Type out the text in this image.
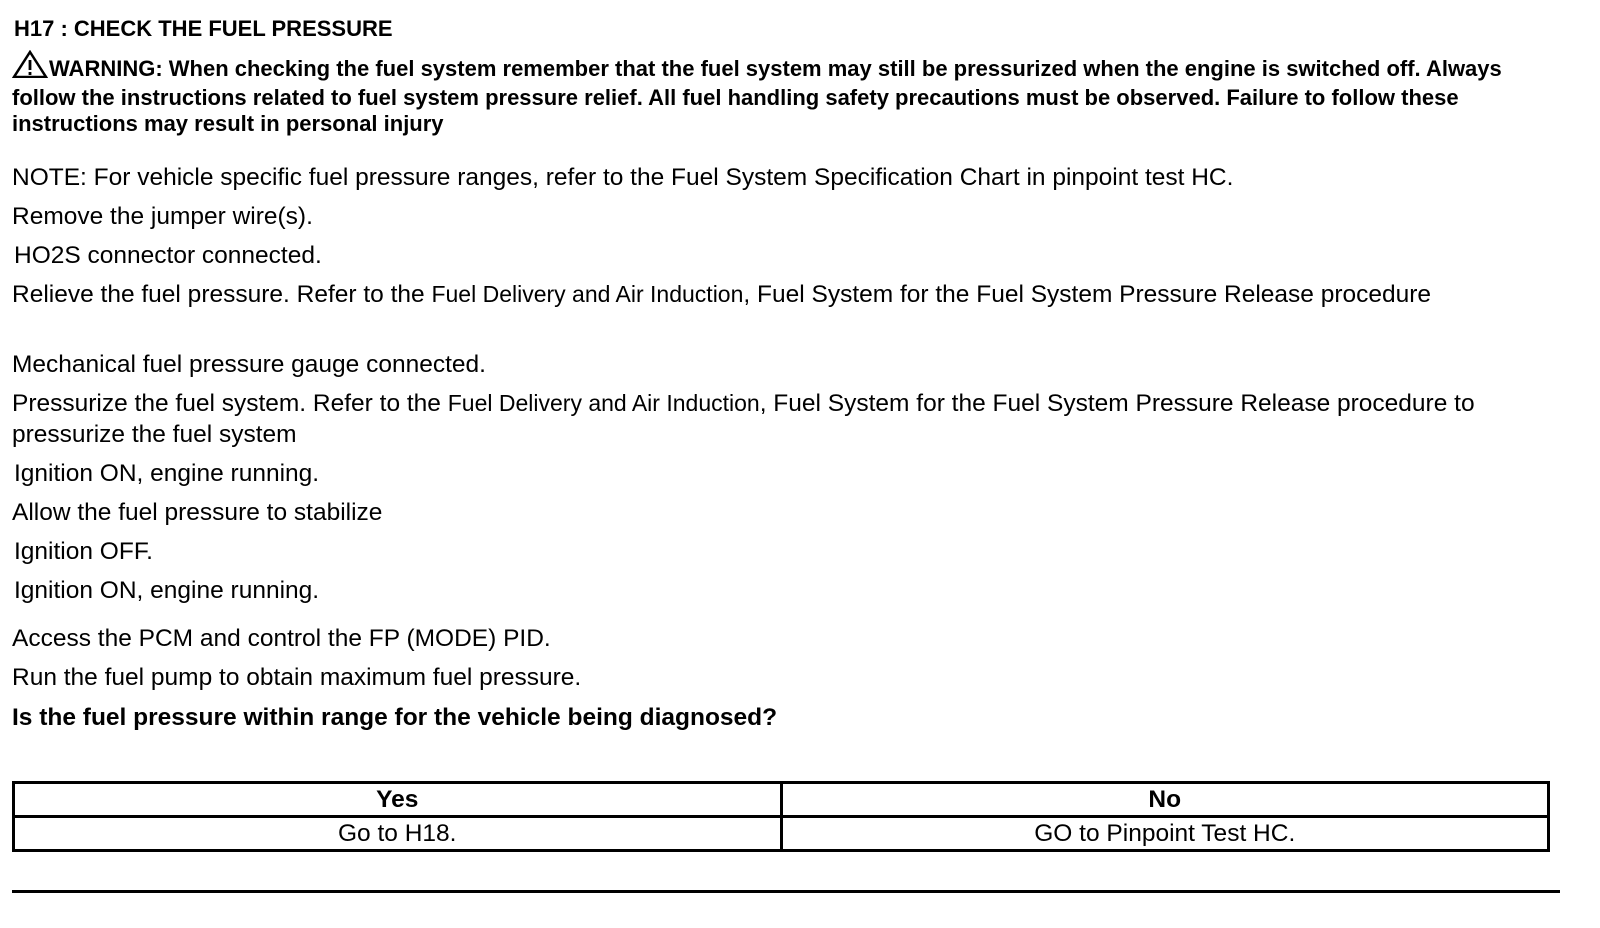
H17 : CHECK THE FUEL PRESSURE
WARNING: When checking the fuel system remember that the fuel system may still be pressurized when the engine is switched off. Always follow the instructions related to fuel system pressure relief. All fuel handling safety precautions must be observed. Failure to follow these instructions may result in personal injury
NOTE: For vehicle specific fuel pressure ranges, refer to the Fuel System Specification Chart in pinpoint test HC.
Remove the jumper wire(s).
HO2S connector connected.
Relieve the fuel pressure. Refer to the Fuel Delivery and Air Induction, Fuel System for the Fuel System Pressure Release procedure
Mechanical fuel pressure gauge connected.
Pressurize the fuel system. Refer to the Fuel Delivery and Air Induction, Fuel System for the Fuel System Pressure Release procedure to pressurize the fuel system
Ignition ON, engine running.
Allow the fuel pressure to stabilize
Ignition OFF.
Ignition ON, engine running.
Access the PCM and control the FP (MODE) PID.
Run the fuel pump to obtain maximum fuel pressure.
Is the fuel pressure within range for the vehicle being diagnosed?
Yes	No
Go to H18.	GO to Pinpoint Test HC.
